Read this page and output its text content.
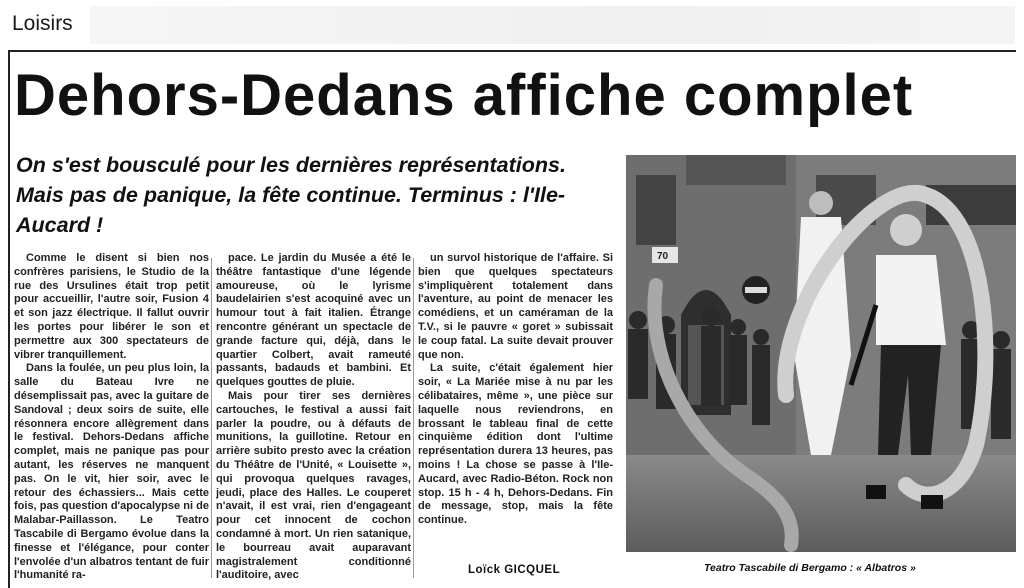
Loisirs
Dehors-Dedans affiche complet
On s'est bousculé pour les dernières représentations. Mais pas de panique, la fête continue. Terminus : l'Ile-Aucard !

Comme le disent si bien nos confrères parisiens, le Studio de la rue des Ursulines était trop petit pour accueillir, l'autre soir, Fusion 4 et son jazz électrique. Il fallut ouvrir les portes pour libérer le son et permettre aux 300 spectateurs de vibrer tranquillement.

Dans la foulée, un peu plus loin, la salle du Bateau Ivre ne désemplissait pas, avec la guitare de Sandoval ; deux soirs de suite, elle résonnera encore allègrement dans le festival. Dehors-Dedans affiche complet, mais ne panique pas pour autant, les réserves ne manquent pas. On le vit, hier soir, avec le retour des échassiers... Mais cette fois, pas question d'apocalypse ni de Malabar-Paillasson. Le Teatro Tascabile di Bergamo évolue dans la finesse et l'élégance, pour conter l'envolée d'un albatros tentant de fuir l'humanité ra-

pace. Le jardin du Musée a été le théâtre fantastique d'une légende amoureuse, où le lyrisme baudelairien s'est acoquiné avec un humour tout à fait italien. Étrange rencontre générant un spectacle de grande facture qui, déjà, dans le quartier Colbert, avait rameuté passants, badauds et bambini. Et quelques gouttes de pluie.

Mais pour tirer ses dernières cartouches, le festival a aussi fait parler la poudre, ou à défauts de munitions, la guillotine. Retour en arrière subito presto avec la création du Théâtre de l'Unité, « Louisette », qui provoqua quelques ravages, jeudi, place des Halles. Le couperet n'avait, il est vrai, rien d'engageant pour cet innocent de cochon condamné à mort. Un rien satanique, le bourreau avait auparavant magistralement conditionné l'auditoire, avec

un survol historique de l'affaire. Si bien que quelques spectateurs s'impliquèrent totalement dans l'aventure, au point de menacer les comédiens, et un caméraman de la T.V., si le pauvre « goret » subissait le coup fatal. La suite devait prouver que non.

La suite, c'était également hier soir, « La Mariée mise à nu par les célibataires, même », une pièce sur laquelle nous reviendrons, en brossant le tableau final de cette cinquième édition dont l'ultime représentation durera 13 heures, pas moins ! La chose se passe à l'Ile-Aucard, avec Radio-Béton. Rock non stop. 15 h - 4 h, Dehors-Dedans. Fin de message, stop, mais la fête continue.

Loïck GICQUEL
70
Teatro Tascabile di Bergamo : « Albatros »
